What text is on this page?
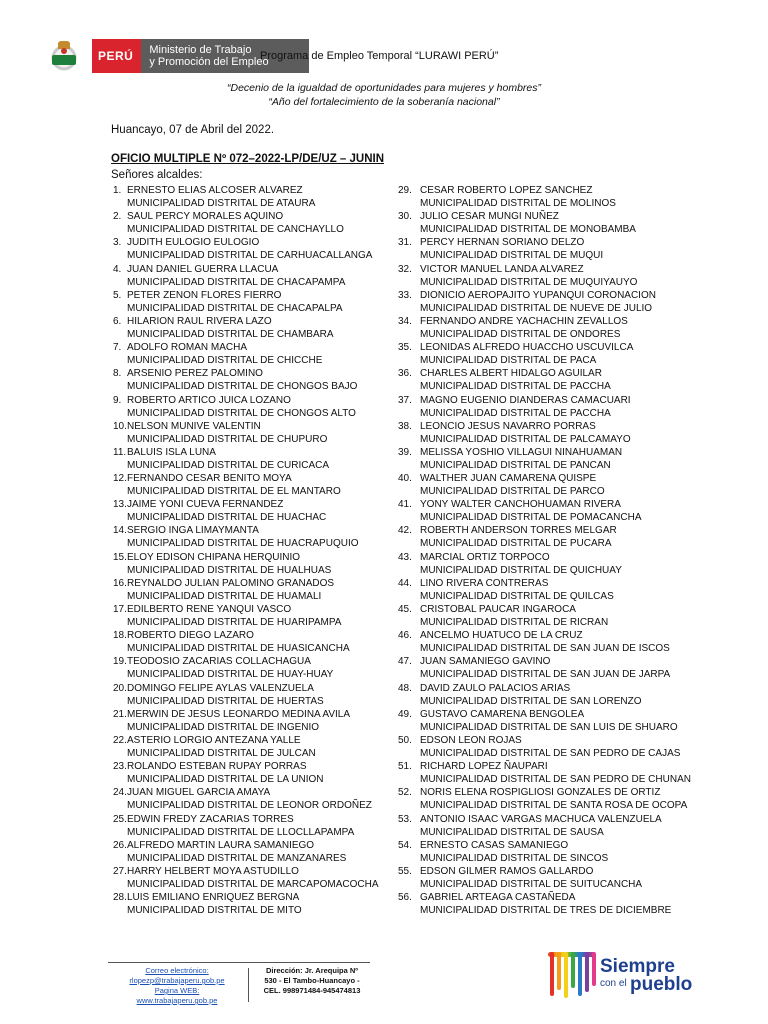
PERÚ	Ministerio de Trabajo
y Promoción del Empleo
Programa de Empleo Temporal “LURAWI PERÚ”
“Decenio de la igualdad de oportunidades para mujeres y hombres”
“Año del fortalecimiento de la soberanía nacional”
Huancayo, 07 de Abril del 2022.
OFICIO MULTIPLE Nº 072–2022-LP/DE/UZ – JUNIN
Señores alcaldes:
1. ERNESTO ELIAS ALCOSER ALVAREZ
MUNICIPALIDAD DISTRITAL DE ATAURA
2. SAUL PERCY MORALES AQUINO
MUNICIPALIDAD DISTRITAL DE CANCHAYLLO
3. JUDITH EULOGIO EULOGIO
MUNICIPALIDAD DISTRITAL DE CARHUACALLANGA
4. JUAN DANIEL GUERRA LLACUA
MUNICIPALIDAD DISTRITAL DE CHACAPAMPA
5. PETER ZENON FLORES FIERRO
MUNICIPALIDAD DISTRITAL DE CHACAPALPA
6. HILARION RAUL RIVERA LAZO
MUNICIPALIDAD DISTRITAL DE CHAMBARA
7. ADOLFO ROMAN MACHA
MUNICIPALIDAD DISTRITAL DE CHICCHE
8. ARSENIO PEREZ PALOMINO
MUNICIPALIDAD DISTRITAL DE CHONGOS BAJO
9. ROBERTO ARTICO JUICA LOZANO
MUNICIPALIDAD DISTRITAL DE CHONGOS ALTO
10. NELSON MUNIVE VALENTIN
MUNICIPALIDAD DISTRITAL DE CHUPURO
11. BALUIS ISLA LUNA
MUNICIPALIDAD DISTRITAL DE CURICACA
12. FERNANDO CESAR BENITO MOYA
MUNICIPALIDAD DISTRITAL DE EL MANTARO
13. JAIME YONI CUEVA FERNANDEZ
MUNICIPALIDAD DISTRITAL DE HUACHAC
14. SERGIO INGA LIMAYMANTA
MUNICIPALIDAD DISTRITAL DE HUACRAPUQUIO
15. ELOY EDISON CHIPANA HERQUINIO
MUNICIPALIDAD DISTRITAL DE HUALHUAS
16. REYNALDO JULIAN PALOMINO GRANADOS
MUNICIPALIDAD DISTRITAL DE HUAMALI
17. EDILBERTO RENE YANQUI VASCO
MUNICIPALIDAD DISTRITAL DE HUARIPAMPA
18. ROBERTO DIEGO LAZARO
MUNICIPALIDAD DISTRITAL DE HUASICANCHA
19. TEODOSIO ZACARIAS COLLACHAGUA
MUNICIPALIDAD DISTRITAL DE HUAY-HUAY
20. DOMINGO FELIPE AYLAS VALENZUELA
MUNICIPALIDAD DISTRITAL DE HUERTAS
21. MERWIN DE JESUS LEONARDO MEDINA AVILA
MUNICIPALIDAD DISTRITAL DE INGENIO
22. ASTERIO LORGIO ANTEZANA YALLE
MUNICIPALIDAD DISTRITAL DE JULCAN
23. ROLANDO ESTEBAN RUPAY PORRAS
MUNICIPALIDAD DISTRITAL DE LA UNION
24. JUAN MIGUEL GARCIA AMAYA
MUNICIPALIDAD DISTRITAL DE LEONOR ORDOÑEZ
25. EDWIN FREDY ZACARIAS TORRES
MUNICIPALIDAD DISTRITAL DE LLOCLLAPAMPA
26. ALFREDO MARTIN LAURA SAMANIEGO
MUNICIPALIDAD DISTRITAL DE MANZANARES
27. HARRY HELBERT MOYA ASTUDILLO
MUNICIPALIDAD DISTRITAL DE MARCAPOMACOCHA
28. LUIS EMILIANO ENRIQUEZ BERGNA
MUNICIPALIDAD DISTRITAL DE MITO
29. CESAR ROBERTO LOPEZ SANCHEZ
MUNICIPALIDAD DISTRITAL DE MOLINOS
30. JULIO CESAR MUNGI NUÑEZ
MUNICIPALIDAD DISTRITAL DE MONOBAMBA
31. PERCY HERNAN SORIANO DELZO
MUNICIPALIDAD DISTRITAL DE MUQUI
32. VICTOR MANUEL LANDA ALVAREZ
MUNICIPALIDAD DISTRITAL DE MUQUIYAUYO
33. DIONICIO AEROPAJITO YUPANQUI CORONACION
MUNICIPALIDAD DISTRITAL DE NUEVE DE JULIO
34. FERNANDO ANDRE YACHACHIN ZEVALLOS
MUNICIPALIDAD DISTRITAL DE ONDORES
35. LEONIDAS ALFREDO HUACCHO USCUVILCA
MUNICIPALIDAD DISTRITAL DE PACA
36. CHARLES ALBERT HIDALGO AGUILAR
MUNICIPALIDAD DISTRITAL DE PACCHA
37. MAGNO EUGENIO DIANDERAS CAMACUARI
MUNICIPALIDAD DISTRITAL DE PACCHA
38. LEONCIO JESUS NAVARRO PORRAS
MUNICIPALIDAD DISTRITAL DE PALCAMAYO
39. MELISSA YOSHIO VILLAGUI NINAHUAMAN
MUNICIPALIDAD DISTRITAL DE PANCAN
40. WALTHER JUAN CAMARENA QUISPE
MUNICIPALIDAD DISTRITAL DE PARCO
41. YONY WALTER CANCHOHUAMAN RIVERA
MUNICIPALIDAD DISTRITAL DE POMACANCHA
42. ROBERTH ANDERSON TORRES MELGAR
MUNICIPALIDAD DISTRITAL DE PUCARA
43. MARCIAL ORTIZ TORPOCO
MUNICIPALIDAD DISTRITAL DE QUICHUAY
44. LINO RIVERA CONTRERAS
MUNICIPALIDAD DISTRITAL DE QUILCAS
45. CRISTOBAL PAUCAR INGAROCA
MUNICIPALIDAD DISTRITAL DE RICRAN
46. ANCELMO HUATUCO DE LA CRUZ
MUNICIPALIDAD DISTRITAL DE SAN JUAN DE ISCOS
47. JUAN SAMANIEGO GAVINO
MUNICIPALIDAD DISTRITAL DE SAN JUAN DE JARPA
48. DAVID ZAULO PALACIOS ARIAS
MUNICIPALIDAD DISTRITAL DE SAN LORENZO
49. GUSTAVO CAMARENA BENGOLEA
MUNICIPALIDAD DISTRITAL DE SAN LUIS DE SHUARO
50. EDSON LEON ROJAS
MUNICIPALIDAD DISTRITAL DE SAN PEDRO DE CAJAS
51. RICHARD LOPEZ ÑAUPARI
MUNICIPALIDAD DISTRITAL DE SAN PEDRO DE CHUNAN
52. NORIS ELENA ROSPIGLIOSI GONZALES DE ORTIZ
MUNICIPALIDAD DISTRITAL DE SANTA ROSA DE OCOPA
53. ANTONIO ISAAC VARGAS MACHUCA VALENZUELA
MUNICIPALIDAD DISTRITAL DE SAUSA
54. ERNESTO CASAS SAMANIEGO
MUNICIPALIDAD DISTRITAL DE SINCOS
55. EDSON GILMER RAMOS GALLARDO
MUNICIPALIDAD DISTRITAL DE SUITUCANCHA
56. GABRIEL ARTEAGA CASTAÑEDA
MUNICIPALIDAD DISTRITAL DE TRES DE DICIEMBRE
Correo electrónico:
rlopezp@trabajaperu.gob.pe
Pagina WEB:
www.trabajaperu.gob.pe
Dirección: Jr. Arequipa Nº
530 - El Tambo-Huancayo -
CEL. 998971484-945474813
Siempre
con el pueblo
